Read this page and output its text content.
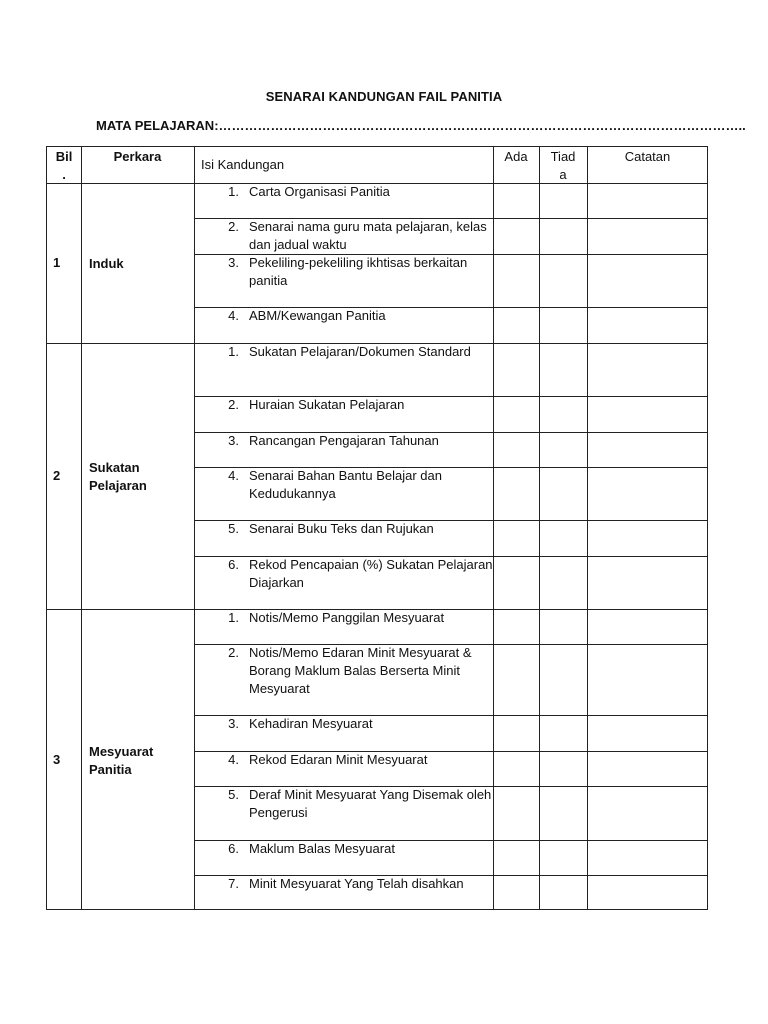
SENARAI KANDUNGAN FAIL PANITIA
MATA PELAJARAN:…………………………………………………………………………………………………………..
Bil
.
Perkara
Isi Kandungan
Ada	Tiad
a
Catatan
1 Induk
1. Carta Organisasi Panitia
2. Senarai nama guru mata pelajaran, kelas dan jadual waktu
3. Pekeliling-pekeliling ikhtisas berkaitan panitia
4. ABM/Kewangan Panitia
2
Sukatan Pelajaran
1. Sukatan Pelajaran/Dokumen Standard
2. Huraian Sukatan Pelajaran
3. Rancangan Pengajaran Tahunan
4. Senarai Bahan Bantu Belajar dan Kedudukannya
5. Senarai Buku Teks dan Rujukan
6. Rekod Pencapaian (%) Sukatan Pelajaran Diajarkan
3
Mesyuarat Panitia
1. Notis/Memo Panggilan Mesyuarat
2. Notis/Memo Edaran Minit Mesyuarat & Borang Maklum Balas Berserta Minit Mesyuarat
3. Kehadiran Mesyuarat
4. Rekod Edaran Minit Mesyuarat
5. Deraf Minit Mesyuarat Yang Disemak oleh Pengerusi
6. Maklum Balas Mesyuarat
7. Minit Mesyuarat Yang Telah disahkan
